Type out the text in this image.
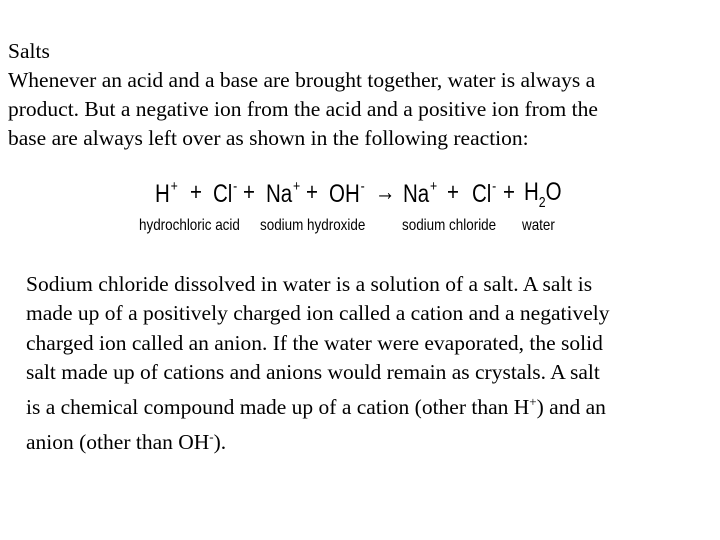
Salts
Whenever an acid and a base are brought together, water is always a
product. But a negative ion from the acid and a positive ion from the
base are always left over as shown in the following reaction:
$H^+ + Cl^- + Na^+ + OH^- \to Na^+ + Cl^- + H_2O$
hydrochloric acid sodium hydroxide sodium chloride water
Sodium chloride dissolved in water is a solution of a salt. A salt is
made up of a positively charged ion called a cation and a negatively
charged ion called an anion. If the water were evaporated, the solid
salt made up of cations and anions would remain as crystals. A salt
is a chemical compound made up of a cation (other than H+) and an
anion (other than OH-).
